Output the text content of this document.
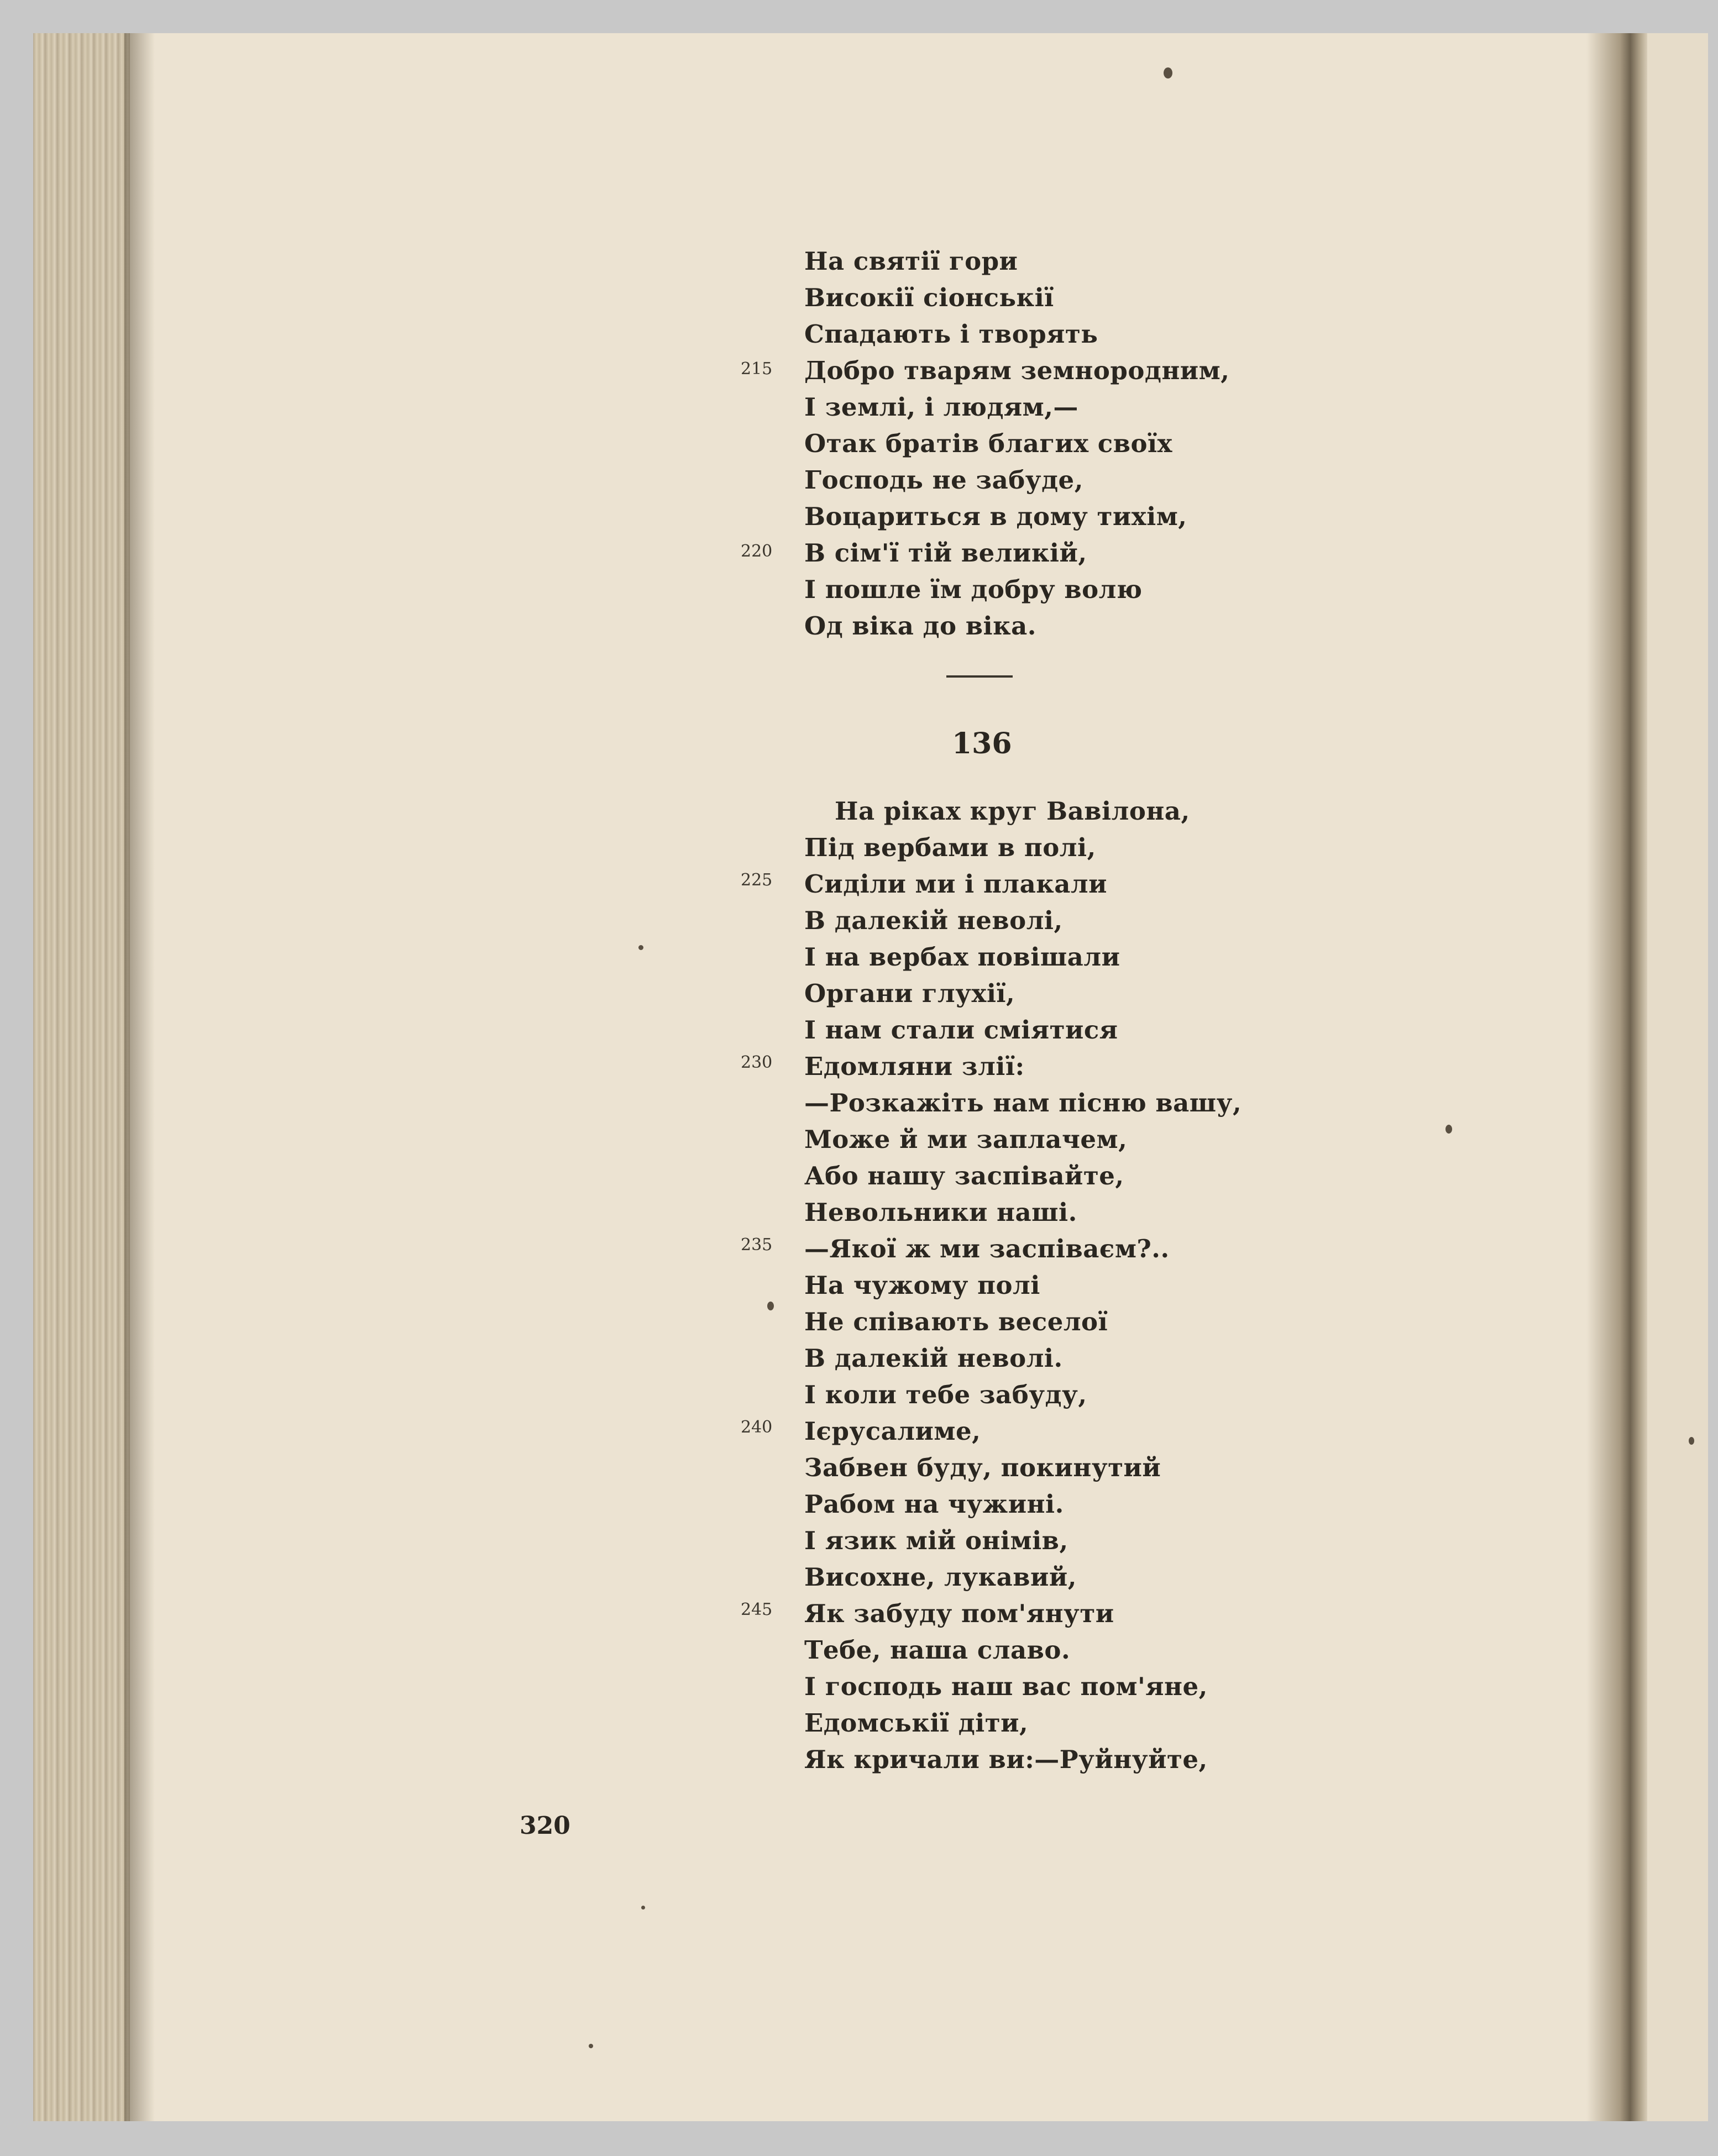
На святії гори
Високії сіонськії
Спадають і творять
Добро тварям земнородним,
І землі, і людям,—
Отак братів благих своїх
Господь не забуде,
Воцариться в дому тихім,
В сім'ї тій великій,
І пошле їм добру волю
Од віка до віка.
215
220
136
На ріках круг Вавілона,
Під вербами в полі,
Сиділи ми і плакали
В далекій неволі,
І на вербах повішали
Органи глухії,
І нам стали сміятися
Едомляни злії:
—Розкажіть нам пісню вашу,
Може й ми заплачем,
Або нашу заспівайте,
Невольники наші.
—Якої ж ми заспіваєм?..
На чужому полі
Не співають веселої
В далекій неволі.
І коли тебе забуду,
Ієрусалиме,
Забвен буду, покинутий
Рабом на чужині.
І язик мій онімів,
Висохне, лукавий,
Як забуду пом'янути
Тебе, наша славо.
І господь наш вас пом'яне,
Едомськії діти,
Як кричали ви:—Руйнуйте,
225
230
235
240
245
320
